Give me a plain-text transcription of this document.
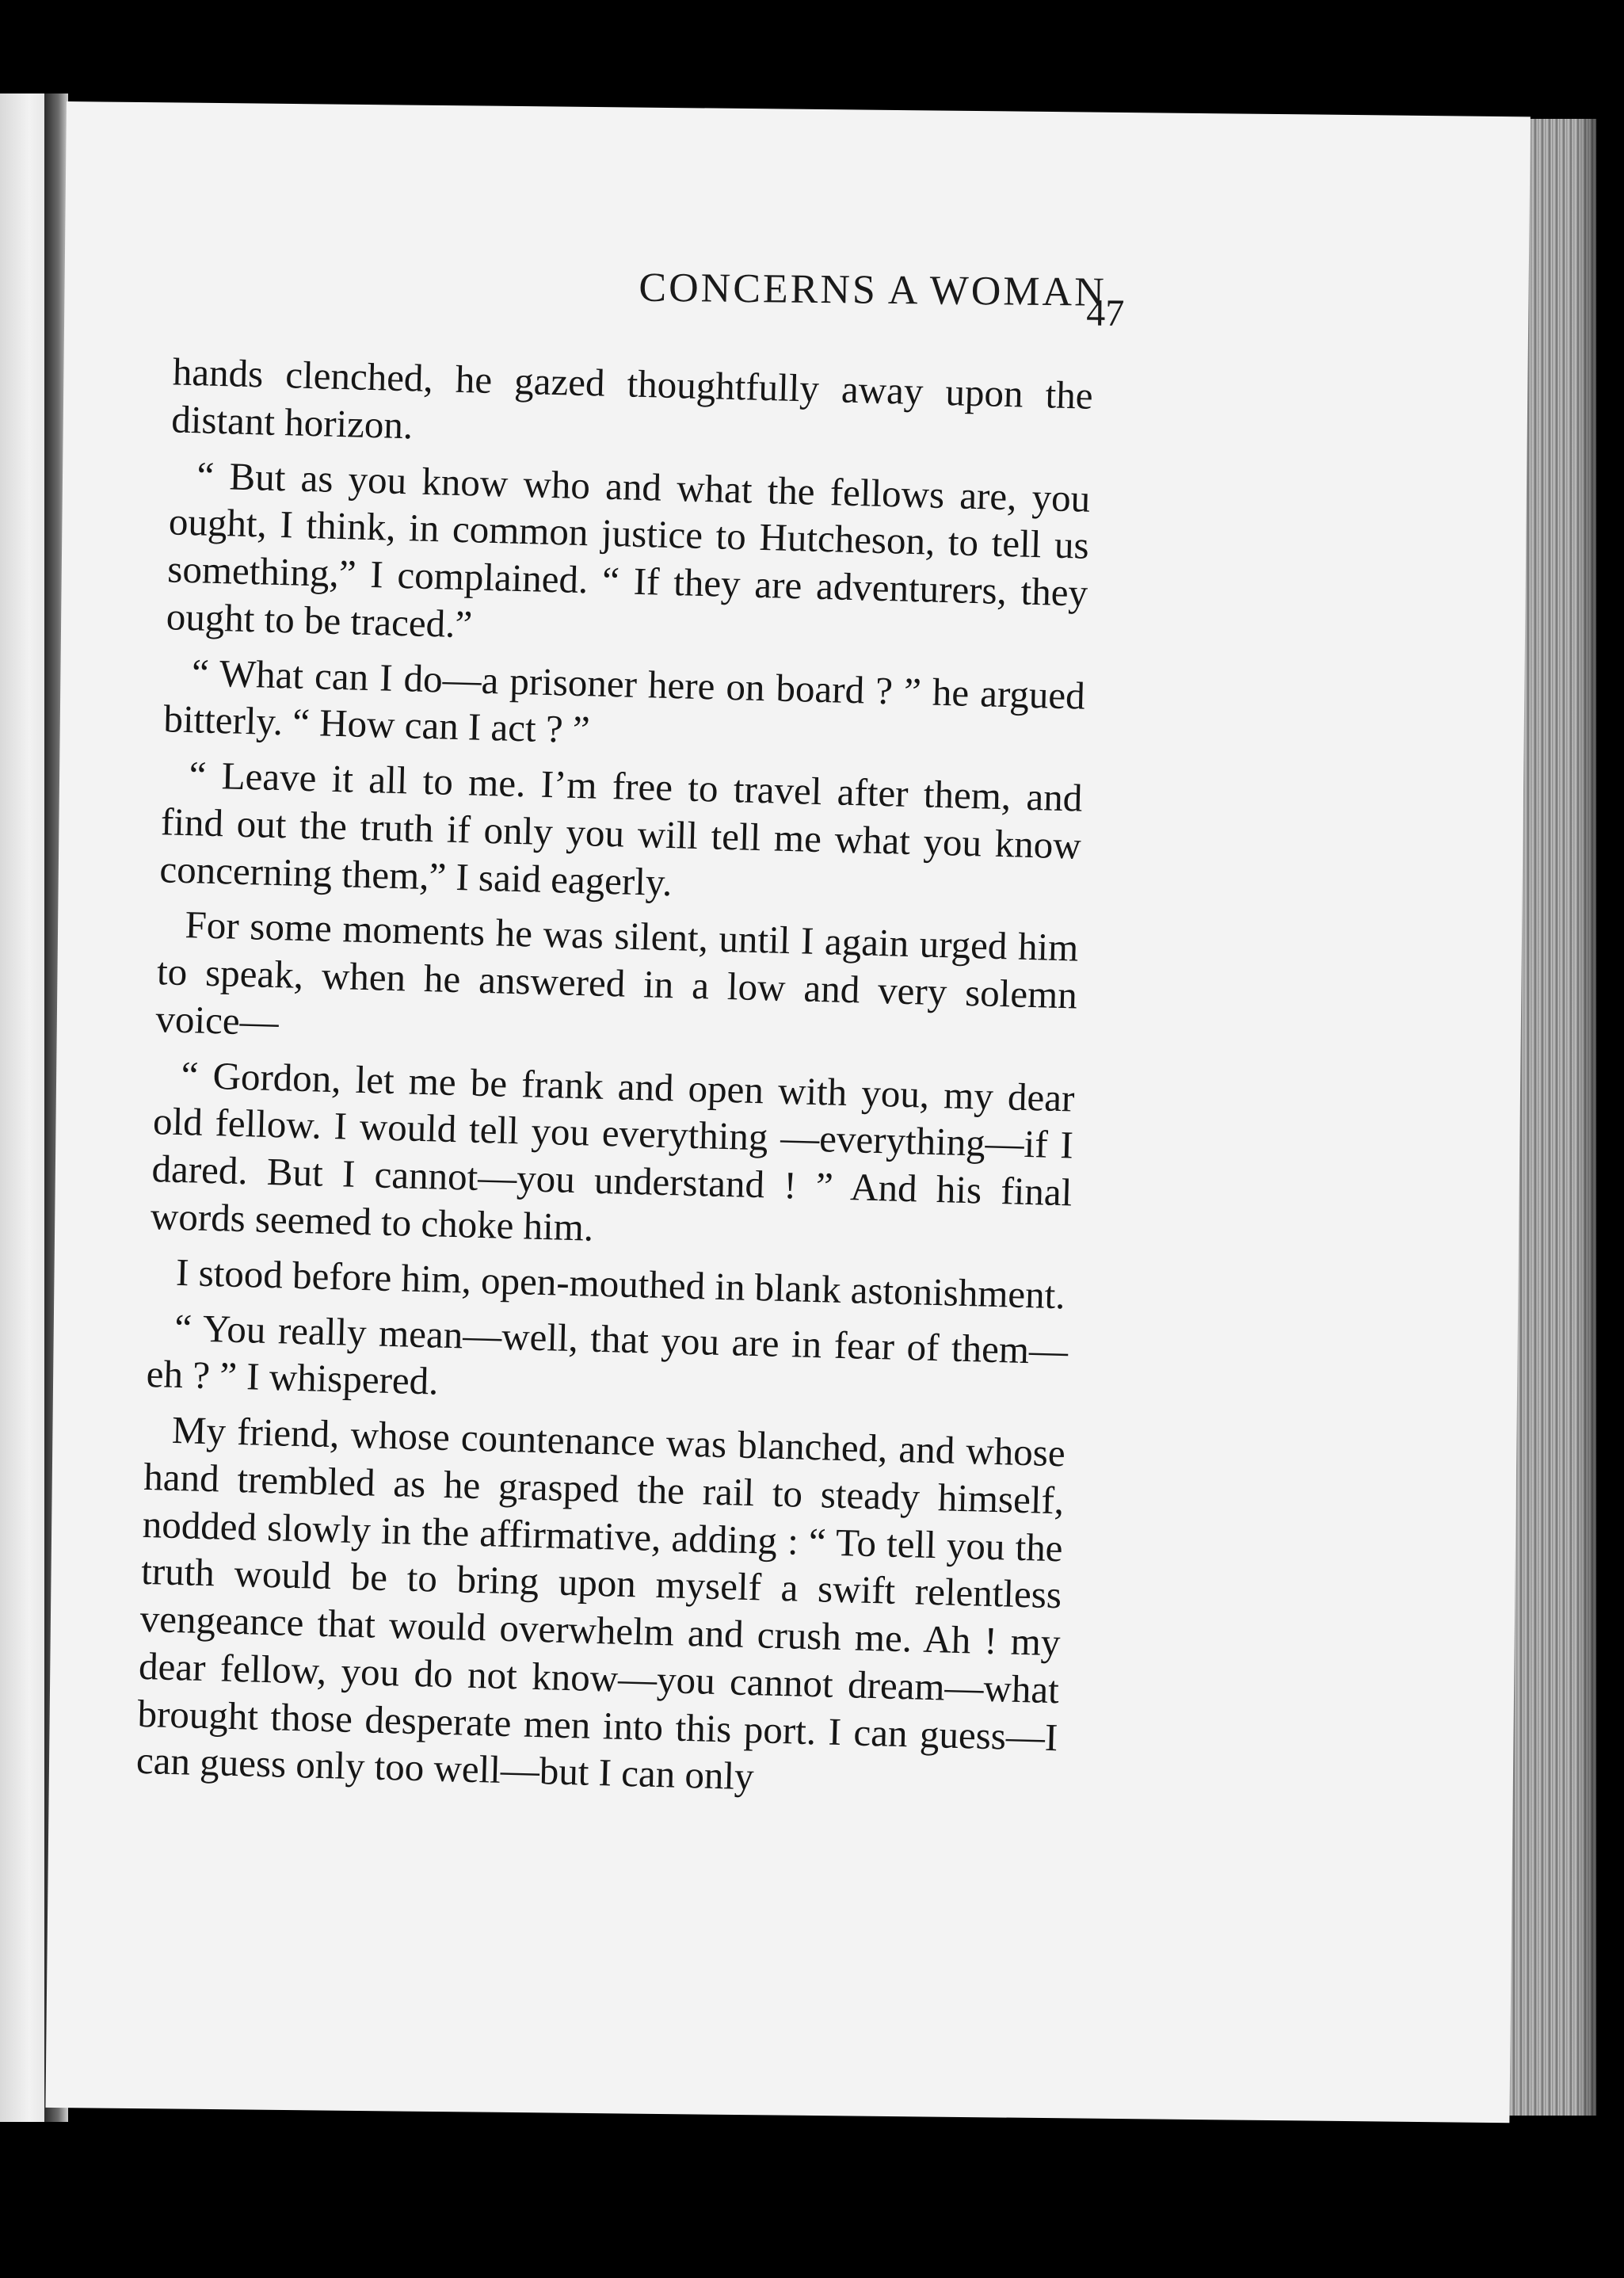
CONCERNS A WOMAN
47

hands clenched, he gazed thoughtfully away upon the distant horizon.

“ But as you know who and what the fellows are, you ought, I think, in common justice to Hutcheson, to tell us something,” I complained. “ If they are adventurers, they ought to be traced.”

“ What can I do—a prisoner here on board ? ” he argued bitterly. “ How can I act ? ”

“ Leave it all to me. I’m free to travel after them, and find out the truth if only you will tell me what you know concerning them,” I said eagerly.

For some moments he was silent, until I again urged him to speak, when he answered in a low and very solemn voice—

“ Gordon, let me be frank and open with you, my dear old fellow. I would tell you everything —everything—if I dared. But I cannot—you understand ! ” And his final words seemed to choke him.

I stood before him, open-mouthed in blank astonishment.

“ You really mean—well, that you are in fear of them—eh ? ” I whispered.

My friend, whose countenance was blanched, and whose hand trembled as he grasped the rail to steady himself, nodded slowly in the affirmative, adding : “ To tell you the truth would be to bring upon myself a swift relentless vengeance that would overwhelm and crush me. Ah ! my dear fellow, you do not know—you cannot dream—what brought those desperate men into this port. I can guess—I can guess only too well—but I can only
